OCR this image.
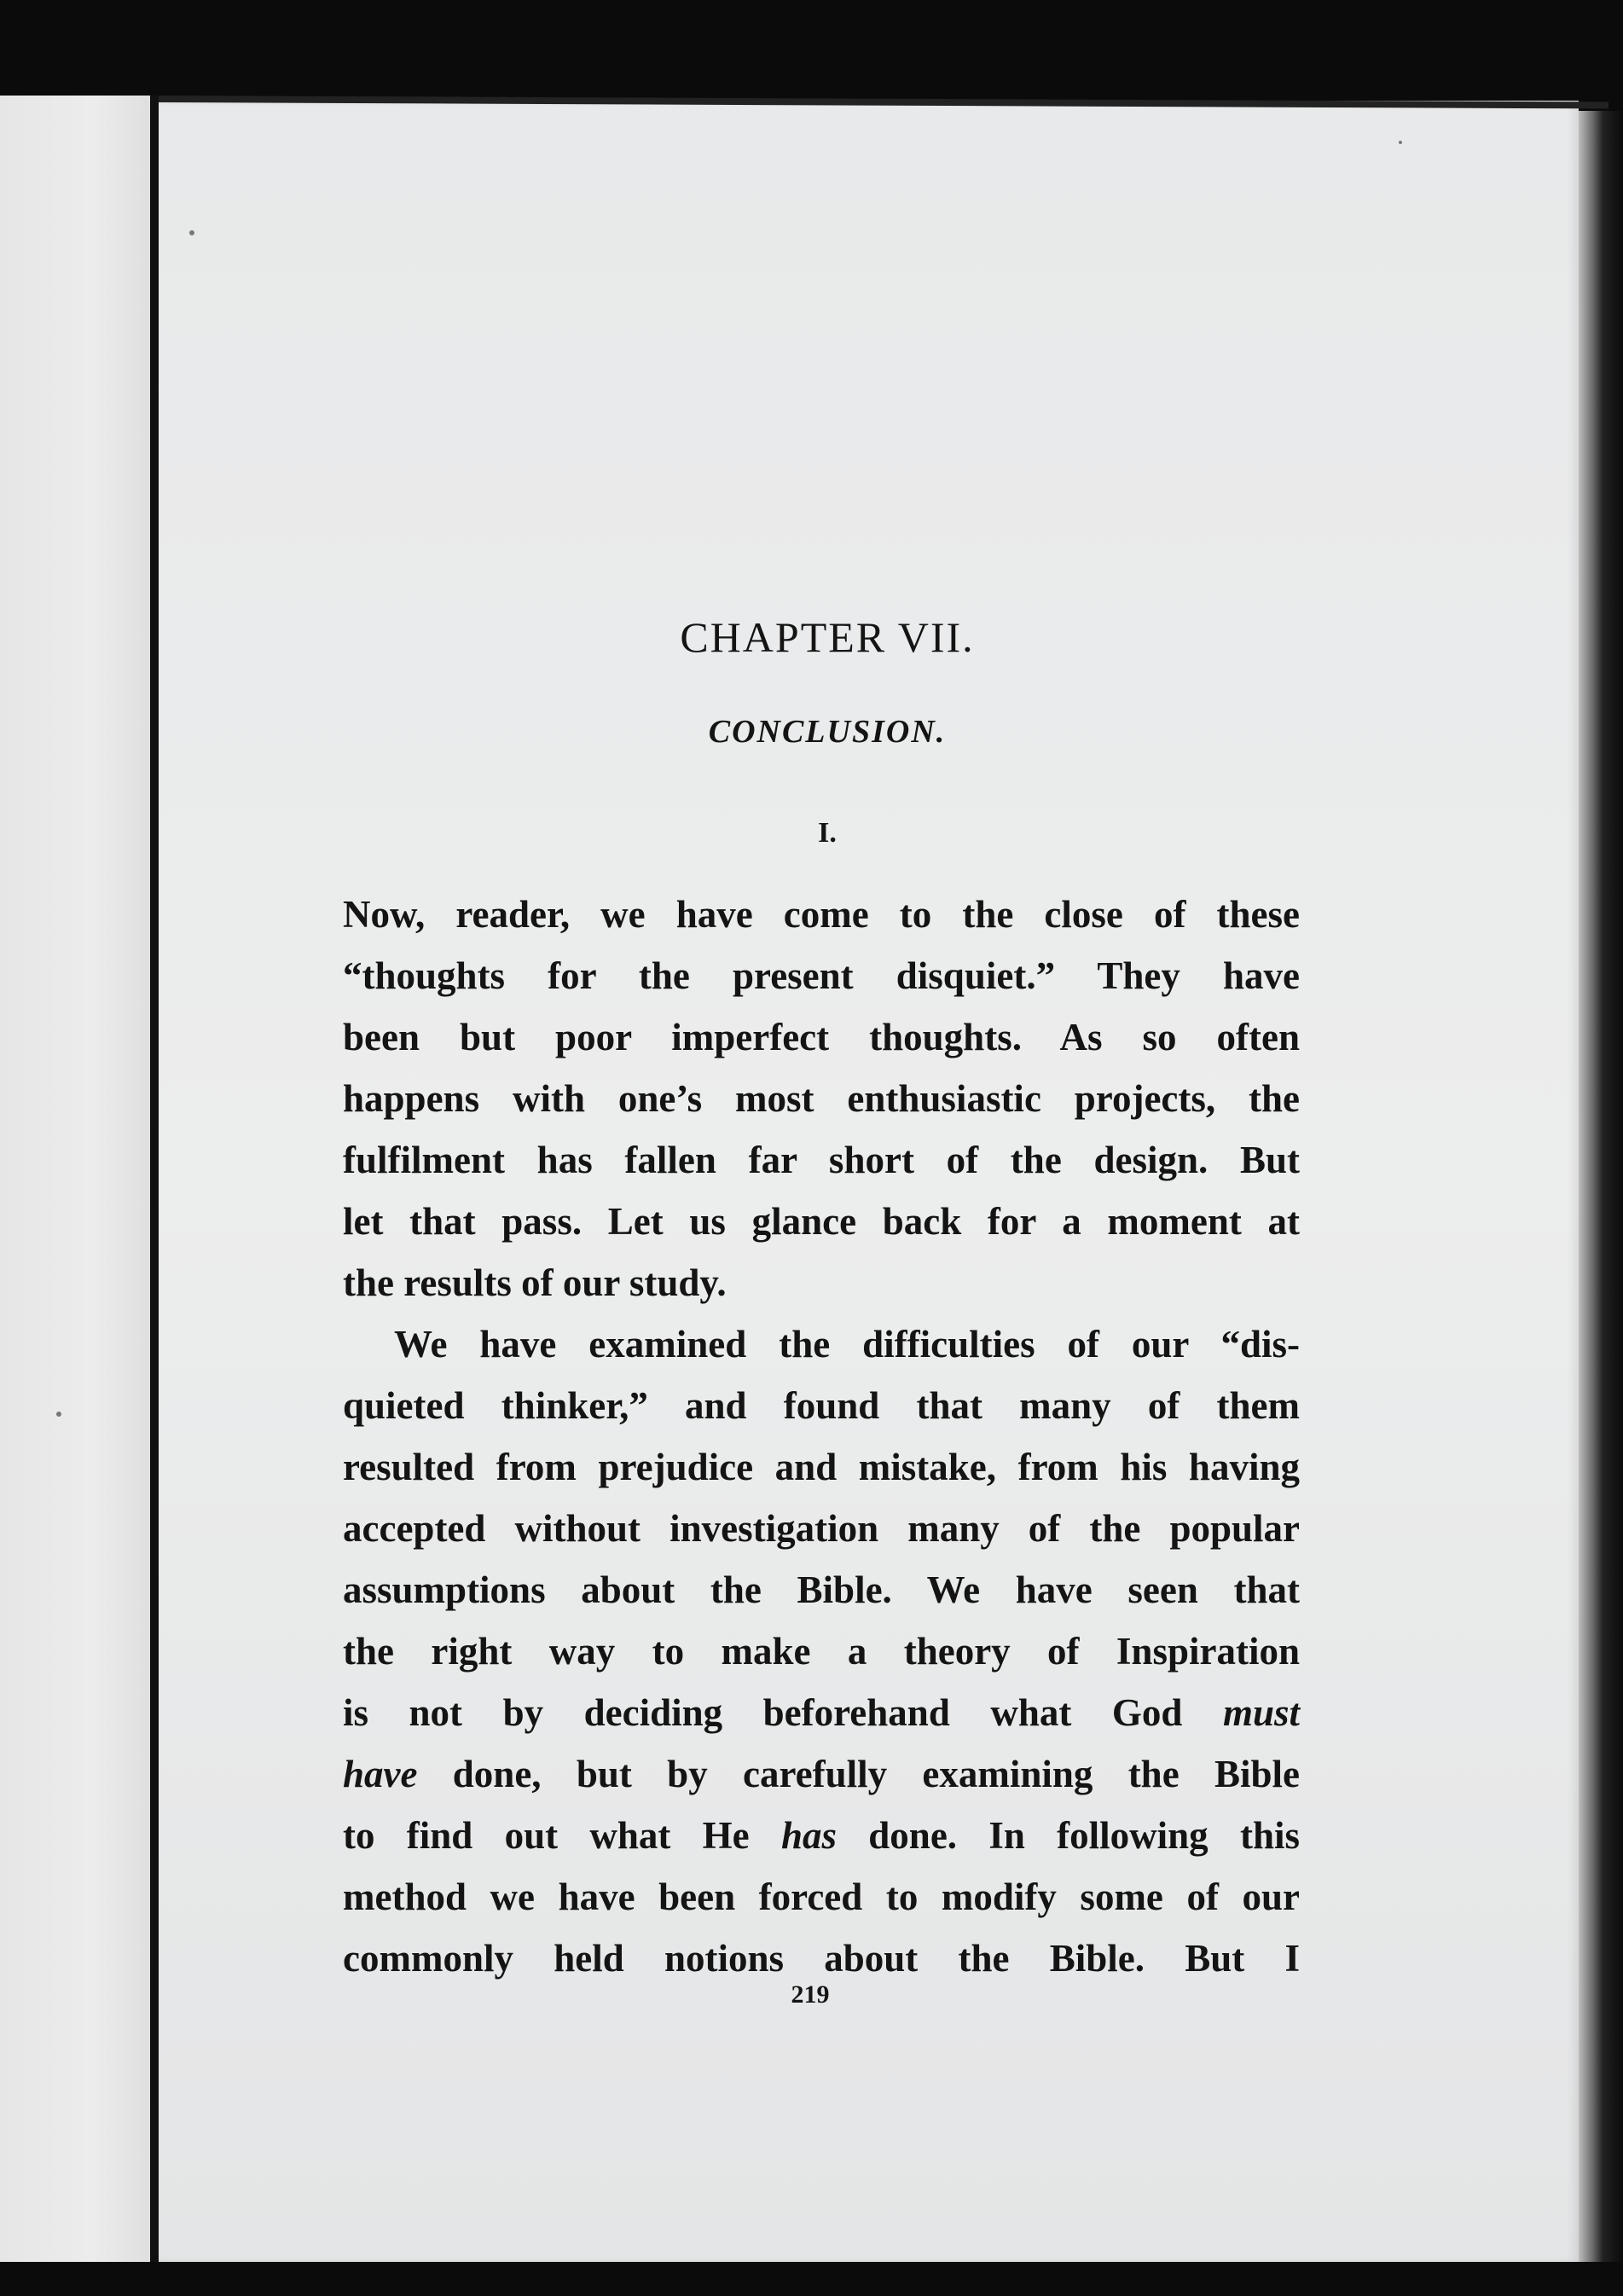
CHAPTER VII.
CONCLUSION.
I.

Now, reader, we have come to the close of these
“thoughts for the present disquiet.” They have
been but poor imperfect thoughts. As so often
happens with one’s most enthusiastic projects, the
fulfilment has fallen far short of the design. But
let that pass. Let us glance back for a moment at
the results of our study.

We have examined the difficulties of our “dis-
quieted thinker,” and found that many of them
resulted from prejudice and mistake, from his having
accepted without investigation many of the popular
assumptions about the Bible. We have seen that
the right way to make a theory of Inspiration
is not by deciding beforehand what God must
have done, but by carefully examining the Bible
to find out what He has done. In following this
method we have been forced to modify some of our
commonly held notions about the Bible. But I

219
